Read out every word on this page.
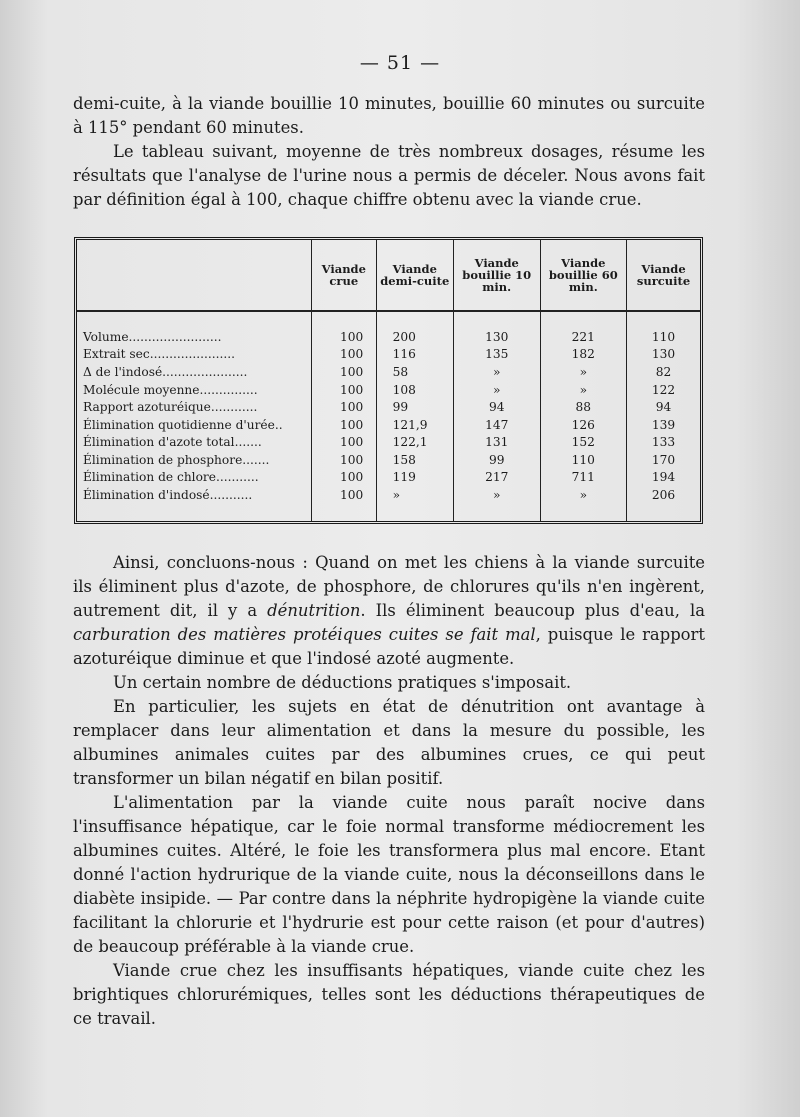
— 51 —

demi-cuite, à la viande bouillie 10 minutes, bouillie 60 minutes ou surcuite à 115° pendant 60 minutes.

Le tableau suivant, moyenne de très nombreux dosages, résume les résultats que l'analyse de l'urine nous a permis de déceler. Nous avons fait par définition égal à 100, chaque chiffre obtenu avec la viande crue.

	Viande crue	Viande demi-cuite	Viande bouillie 10 min.	Viande bouillie 60 min.	Viande surcuite

Volume........................	100	200	130	221	110
Extrait sec......................	100	116	135	182	130
Δ de l'indosé......................	100	58	»	»	82
Molécule moyenne...............	100	108	»	»	122
Rapport azoturéique............	100	99	94	88	94
Élimination quotidienne d'urée..	100	121,9	147	126	139
Élimination d'azote total.......	100	122,1	131	152	133
Élimination de phosphore.......	100	158	99	110	170
Élimination de chlore...........	100	119	217	711	194
Élimination d'indosé...........	100	»	»	»	206

Ainsi, concluons-nous : Quand on met les chiens à la viande surcuite ils éliminent plus d'azote, de phosphore, de chlorures qu'ils n'en ingèrent, autrement dit, il y a dénutrition. Ils éliminent beaucoup plus d'eau, la carburation des matières protéiques cuites se fait mal, puisque le rapport azoturéique diminue et que l'indosé azoté augmente.

Un certain nombre de déductions pratiques s'imposait.

En particulier, les sujets en état de dénutrition ont avantage à remplacer dans leur alimentation et dans la mesure du possible, les albumines animales cuites par des albumines crues, ce qui peut transformer un bilan négatif en bilan positif.

L'alimentation par la viande cuite nous paraît nocive dans l'insuffisance hépatique, car le foie normal transforme médiocrement les albumines cuites. Altéré, le foie les transformera plus mal encore. Etant donné l'action hydrurique de la viande cuite, nous la déconseillons dans le diabète insipide. — Par contre dans la néphrite hydropigène la viande cuite facilitant la chlorurie et l'hydrurie est pour cette raison (et pour d'autres) de beaucoup préférable à la viande crue.

Viande crue chez les insuffisants hépatiques, viande cuite chez les brightiques chlorurémiques, telles sont les déductions thérapeutiques de ce travail.
